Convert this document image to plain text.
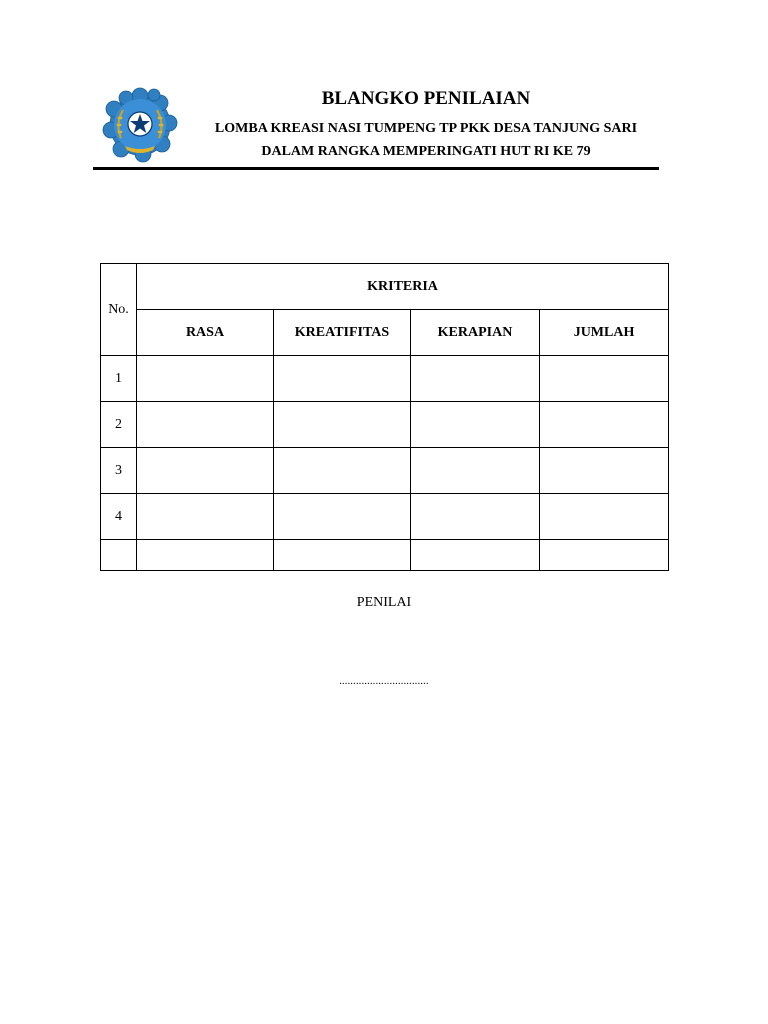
BLANGKO PENILAIAN
LOMBA KREASI NASI TUMPENG TP PKK DESA TANJUNG SARI
DALAM RANGKA MEMPERINGATI HUT RI KE 79
No.	KRITERIA			
	RASA	KREATIFITAS	KERAPIAN	JUMLAH
1				
2				
3				
4				

PENILAI
................................
